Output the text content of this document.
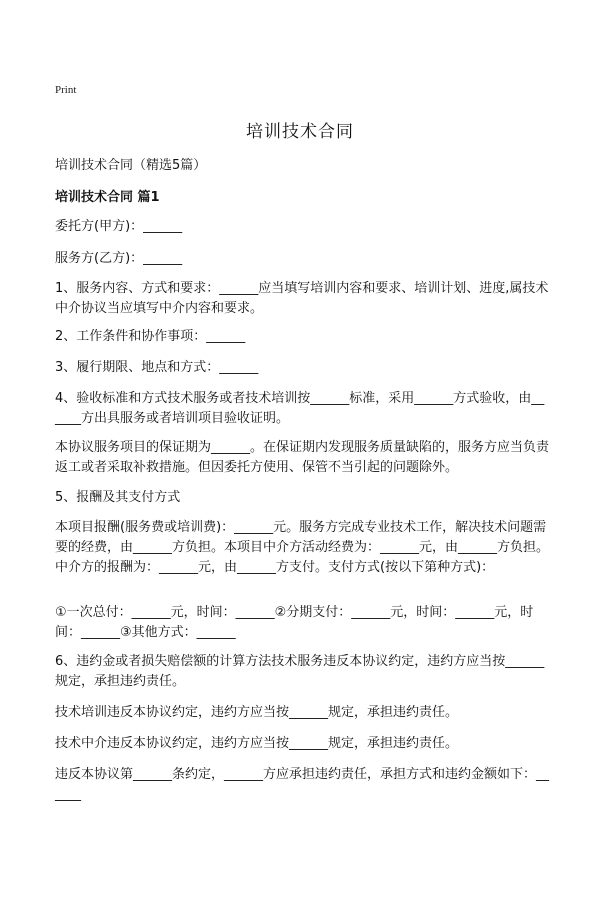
Print
培训技术合同
培训技术合同（精选5篇）
培训技术合同 篇1
委托方(甲方)：______
服务方(乙方)：______
1、服务内容、方式和要求：______应当填写培训内容和要求、培训计划、进度,属技术中介协议当应填写中介内容和要求。
2、工作条件和协作事项：______
3、履行期限、地点和方式：______
4、验收标准和方式技术服务或者技术培训按______标准，采用______方式验收，由______方出具服务或者培训项目验收证明。
本协议服务项目的保证期为______。在保证期内发现服务质量缺陷的，服务方应当负责返工或者采取补救措施。但因委托方使用、保管不当引起的问题除外。
5、报酬及其支付方式
本项目报酬(服务费或培训费)：______元。服务方完成专业技术工作，解决技术问题需要的经费，由______方负担。本项目中介方活动经费为：______元，由______方负担。中介方的报酬为：______元，由______方支付。支付方式(按以下第种方式)：
①一次总付：______元，时间：______②分期支付：______元，时间：______元，时间：______③其他方式：______
6、违约金或者损失赔偿额的计算方法技术服务违反本协议约定，违约方应当按______规定，承担违约责任。
技术培训违反本协议约定，违约方应当按______规定，承担违约责任。
技术中介违反本协议约定，违约方应当按______规定，承担违约责任。
违反本协议第______条约定，______方应承担违约责任，承担方式和违约金额如下：______
